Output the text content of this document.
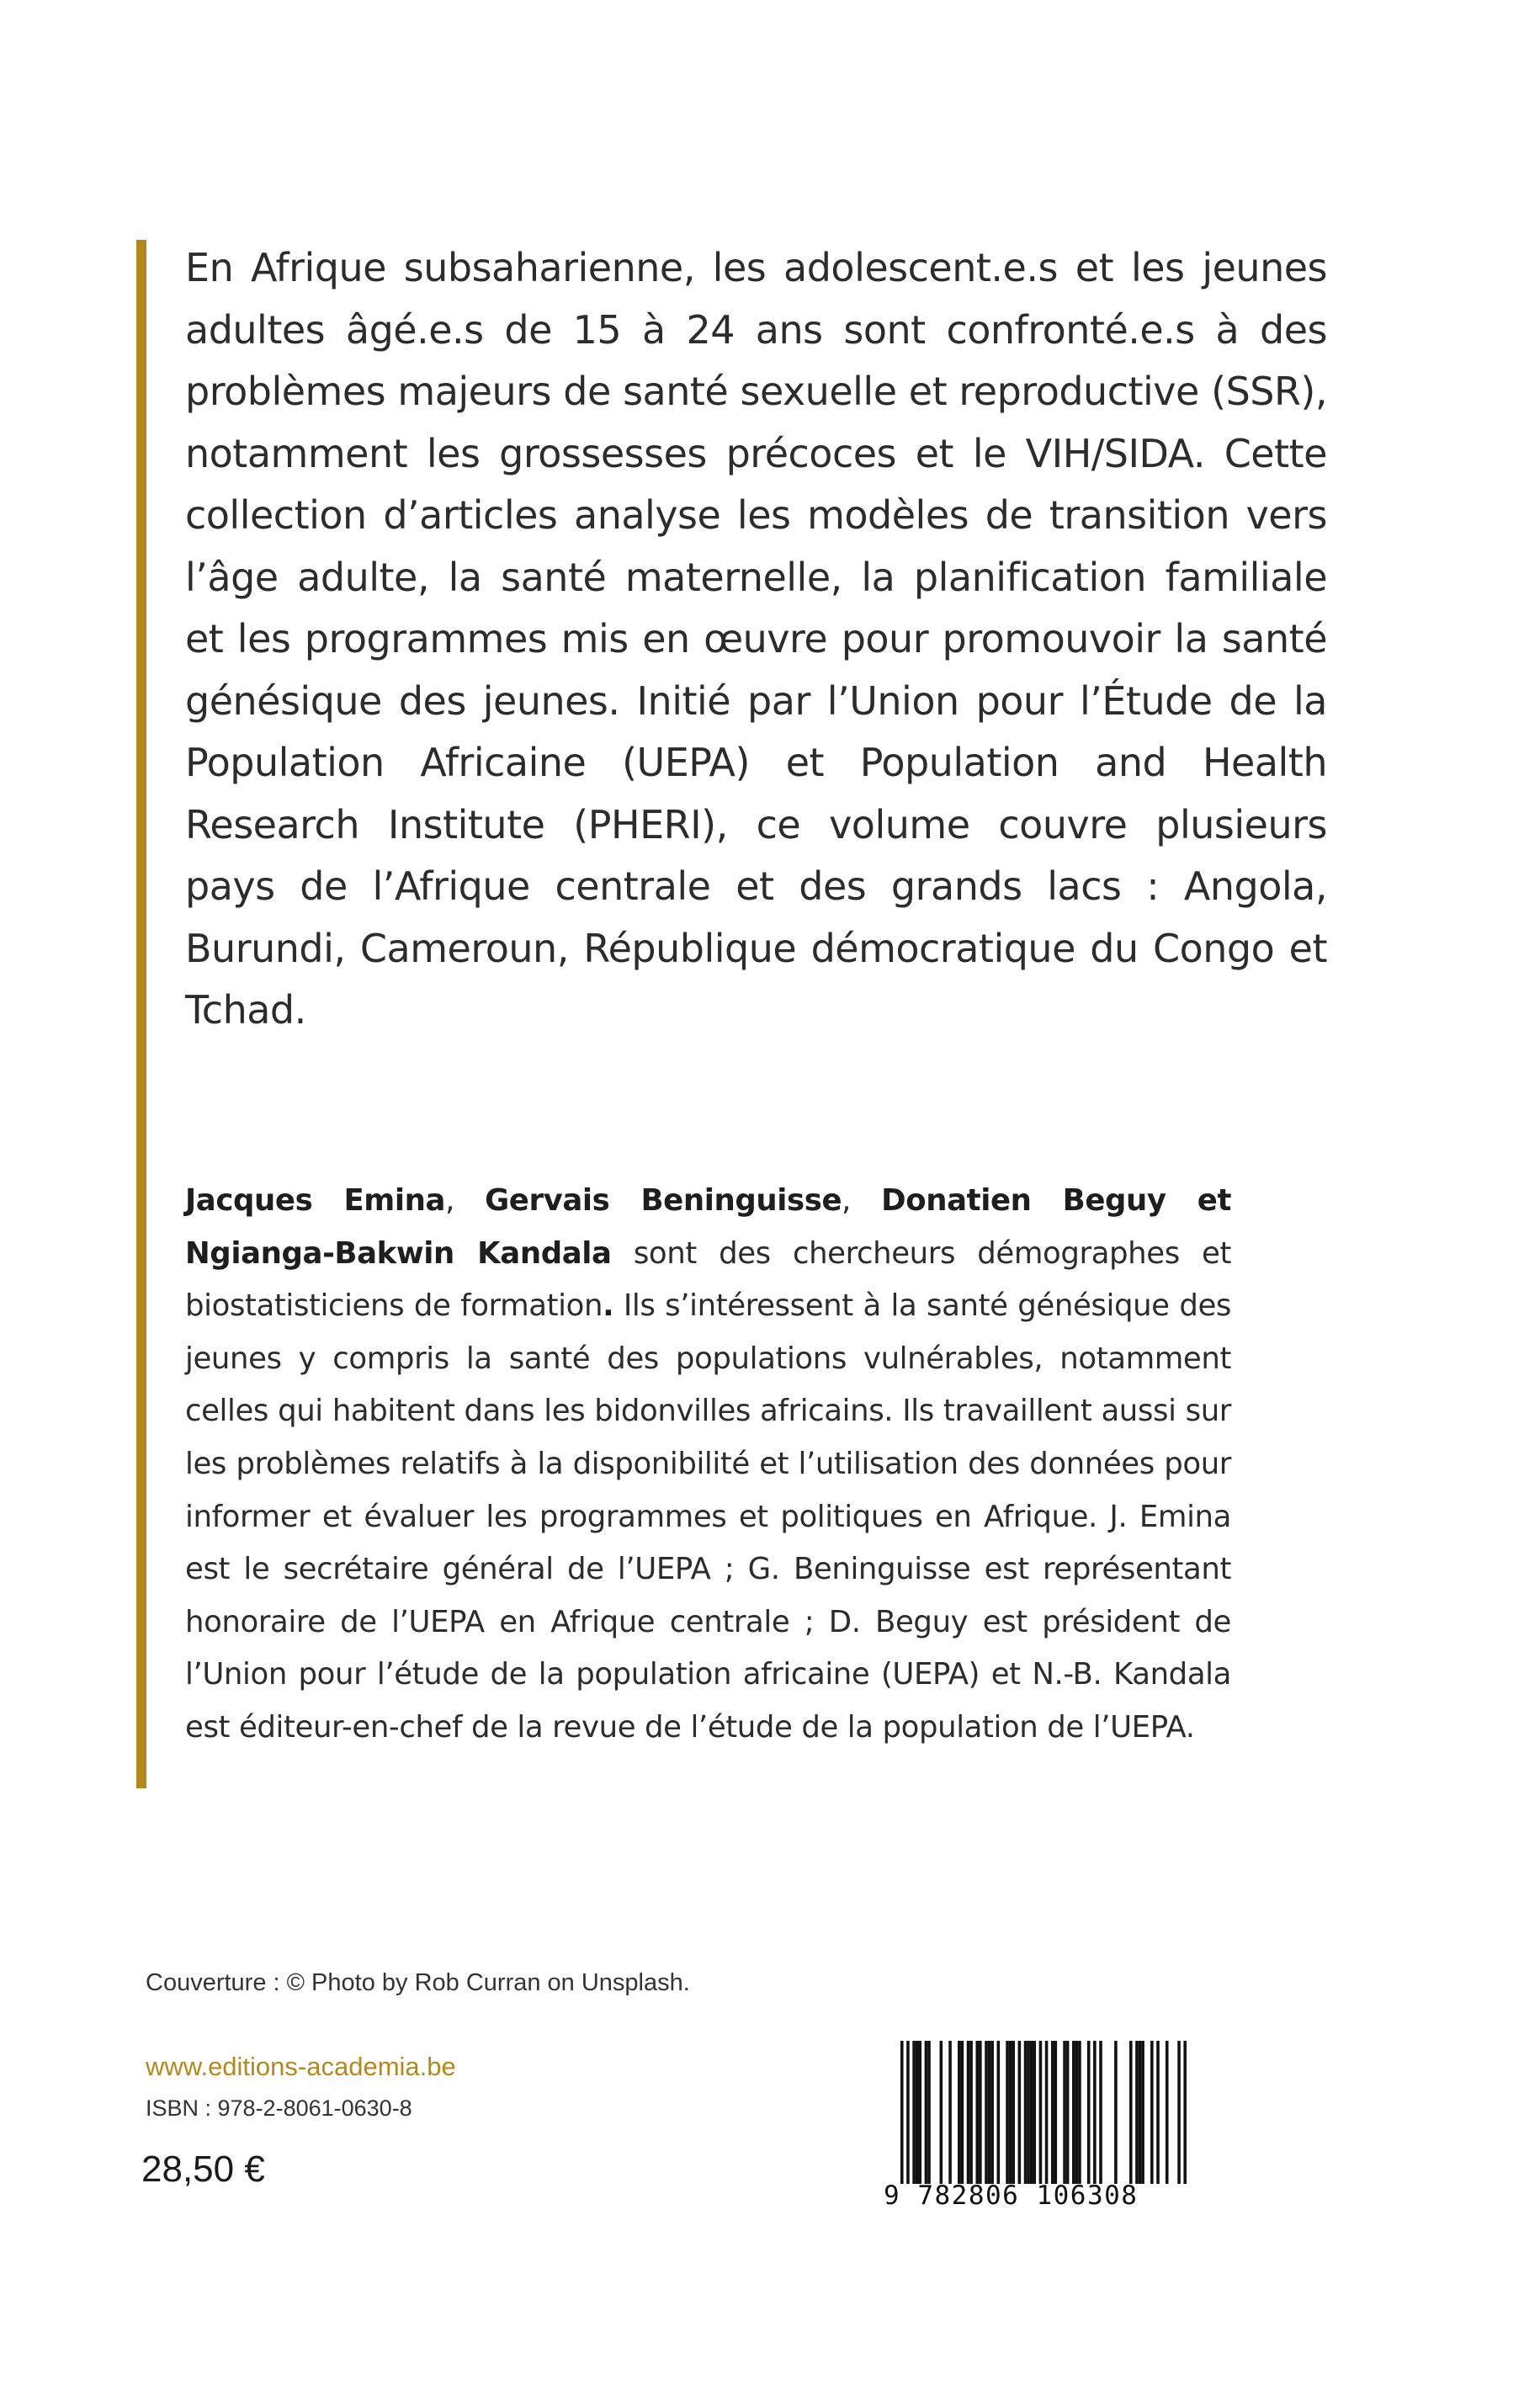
En Afrique subsaharienne, les adolescent.e.s et les jeunes adultes âgé.e.s de 15 à 24 ans sont confronté.e.s à des problèmes majeurs de santé sexuelle et reproductive (SSR), notamment les grossesses précoces et le VIH/SIDA. Cette collection d’articles analyse les modèles de transition vers l’âge adulte, la santé maternelle, la planification familiale et les programmes mis en œuvre pour promouvoir la santé génésique des jeunes. Initié par l’Union pour l’Étude de la Population Africaine (UEPA) et Population and Health Research Institute (PHERI), ce volume couvre plusieurs pays de l’Afrique centrale et des grands lacs : Angola, Burundi, Cameroun, République démocratique du Congo et Tchad.

Jacques Emina, Gervais Beninguisse, Donatien Beguy et Ngianga-Bakwin Kandala sont des chercheurs démographes et biostatisticiens de formation. Ils s’intéressent à la santé génésique des jeunes y compris la santé des populations vulnérables, notamment celles qui habitent dans les bidonvilles africains. Ils travaillent aussi sur les problèmes relatifs à la disponibilité et l’utilisation des données pour informer et évaluer les programmes et politiques en Afrique. J. Emina est le secrétaire général de l’UEPA ; G. Beninguisse est représentant honoraire de l’UEPA en Afrique centrale ; D. Beguy est président de l’Union pour l’étude de la population africaine (UEPA) et N.-B. Kandala est éditeur-en-chef de la revue de l’étude de la population de l’UEPA.

Couverture : © Photo by Rob Curran on Unsplash.
www.editions-academia.be
ISBN : 978-2-8061-0630-8
28,50 €
9 782806 106308
